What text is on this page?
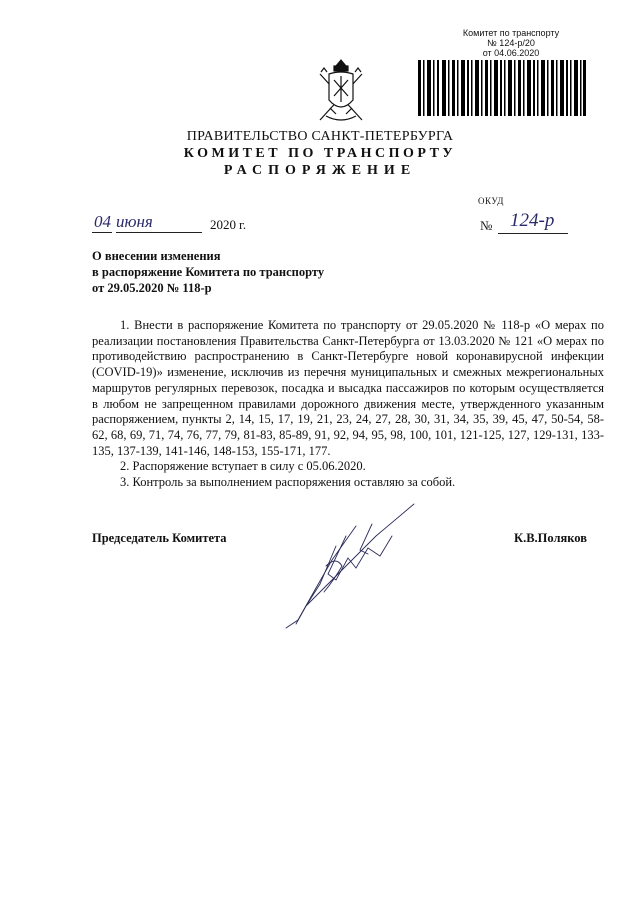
Комитет по транспорту
№ 124-р/20
от 04.06.2020
ПРАВИТЕЛЬСТВО САНКТ-ПЕТЕРБУРГА
КОМИТЕТ ПО ТРАНСПОРТУ
РАСПОРЯЖЕНИЕ
ОКУД
04 июня	2020 г.	№ 124-р
О внесении изменения
в распоряжение Комитета по транспорту
от 29.05.2020 № 118-р

1. Внести в распоряжение Комитета по транспорту от 29.05.2020 № 118-р «О мерах по реализации постановления Правительства Санкт-Петербурга от 13.03.2020 № 121 «О мерах по противодействию распространению в Санкт-Петербурге новой коронавирусной инфекции (COVID-19)» изменение, исключив из перечня муниципальных и смежных межрегиональных маршрутов регулярных перевозок, посадка и высадка пассажиров по которым осуществляется в любом не запрещенном правилами дорожного движения месте, утвержденного указанным распоряжением, пункты 2, 14, 15, 17, 19, 21, 23, 24, 27, 28, 30, 31, 34, 35, 39, 45, 47, 50-54, 58-62, 68, 69, 71, 74, 76, 77, 79, 81-83, 85-89, 91, 92, 94, 95, 98, 100, 101, 121-125, 127, 129-131, 133-135, 137-139, 141-146, 148-153, 155-171, 177.

2. Распоряжение вступает в силу с 05.06.2020.

3. Контроль за выполнением распоряжения оставляю за собой.

Председатель Комитета	К.В.Поляков
